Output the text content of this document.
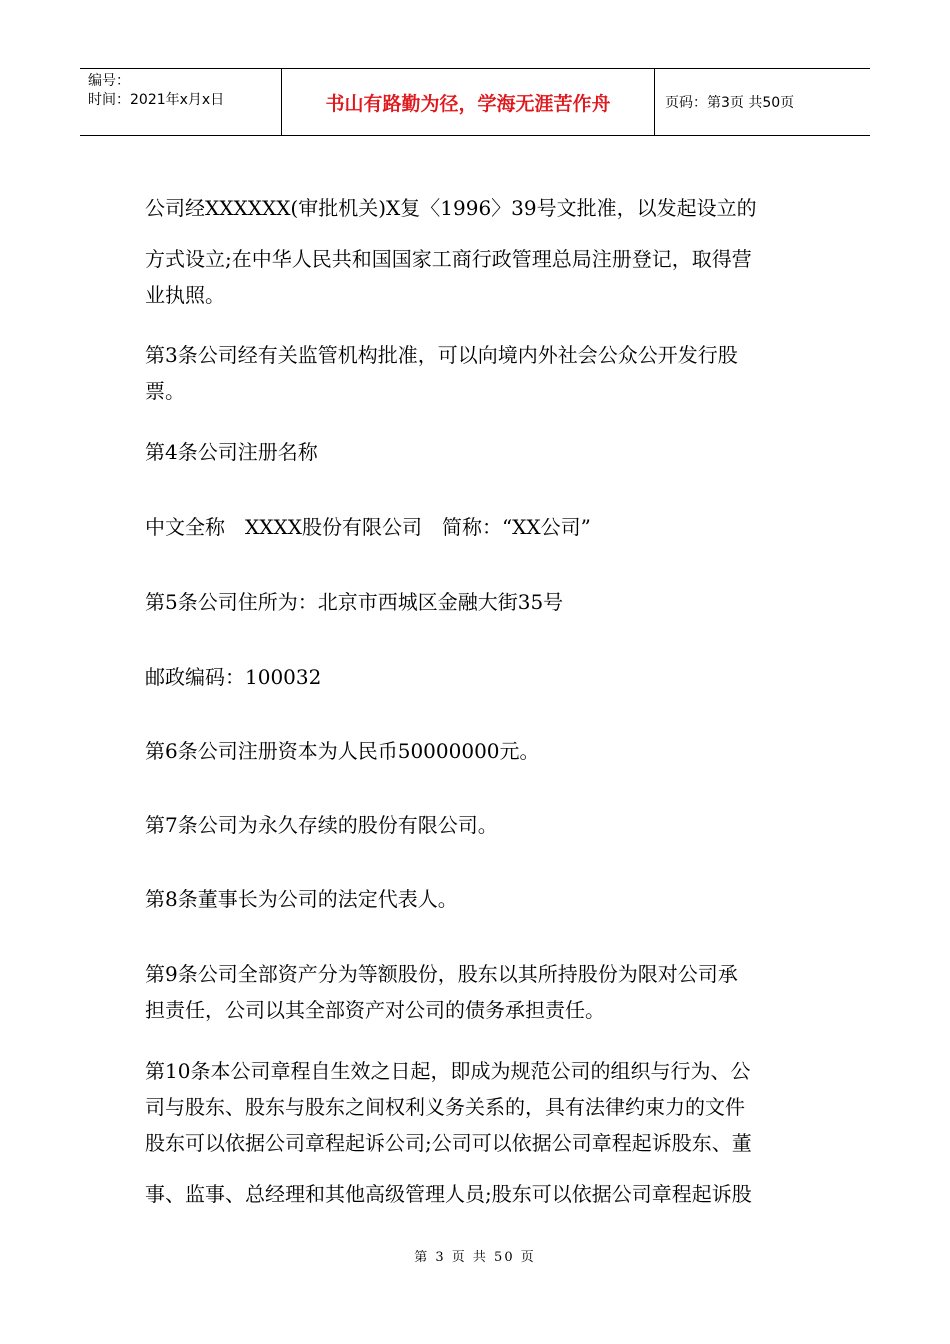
编号：
时间：2021年x月x日	书山有路勤为径，学海无涯苦作舟	页码：第3页 共50页
公司经XXXXXX(审批机关)X复〈1996〉39号文批准，以发起设立的
方式设立;在中华人民共和国国家工商行政管理总局注册登记，取得营
业执照。
第3条公司经有关监管机构批准，可以向境内外社会公众公开发行股
票。
第4条公司注册名称
中文全称　XXXX股份有限公司　简称：“XX公司”
第5条公司住所为：北京市西城区金融大街35号
邮政编码：100032
第6条公司注册资本为人民币50000000元。
第7条公司为永久存续的股份有限公司。
第8条董事长为公司的法定代表人。
第9条公司全部资产分为等额股份，股东以其所持股份为限对公司承
担责任，公司以其全部资产对公司的债务承担责任。
第10条本公司章程自生效之日起，即成为规范公司的组织与行为、公
司与股东、股东与股东之间权利义务关系的，具有法律约束力的文件
股东可以依据公司章程起诉公司;公司可以依据公司章程起诉股东、董
事、监事、总经理和其他高级管理人员;股东可以依据公司章程起诉股
第 3 页 共 50 页
